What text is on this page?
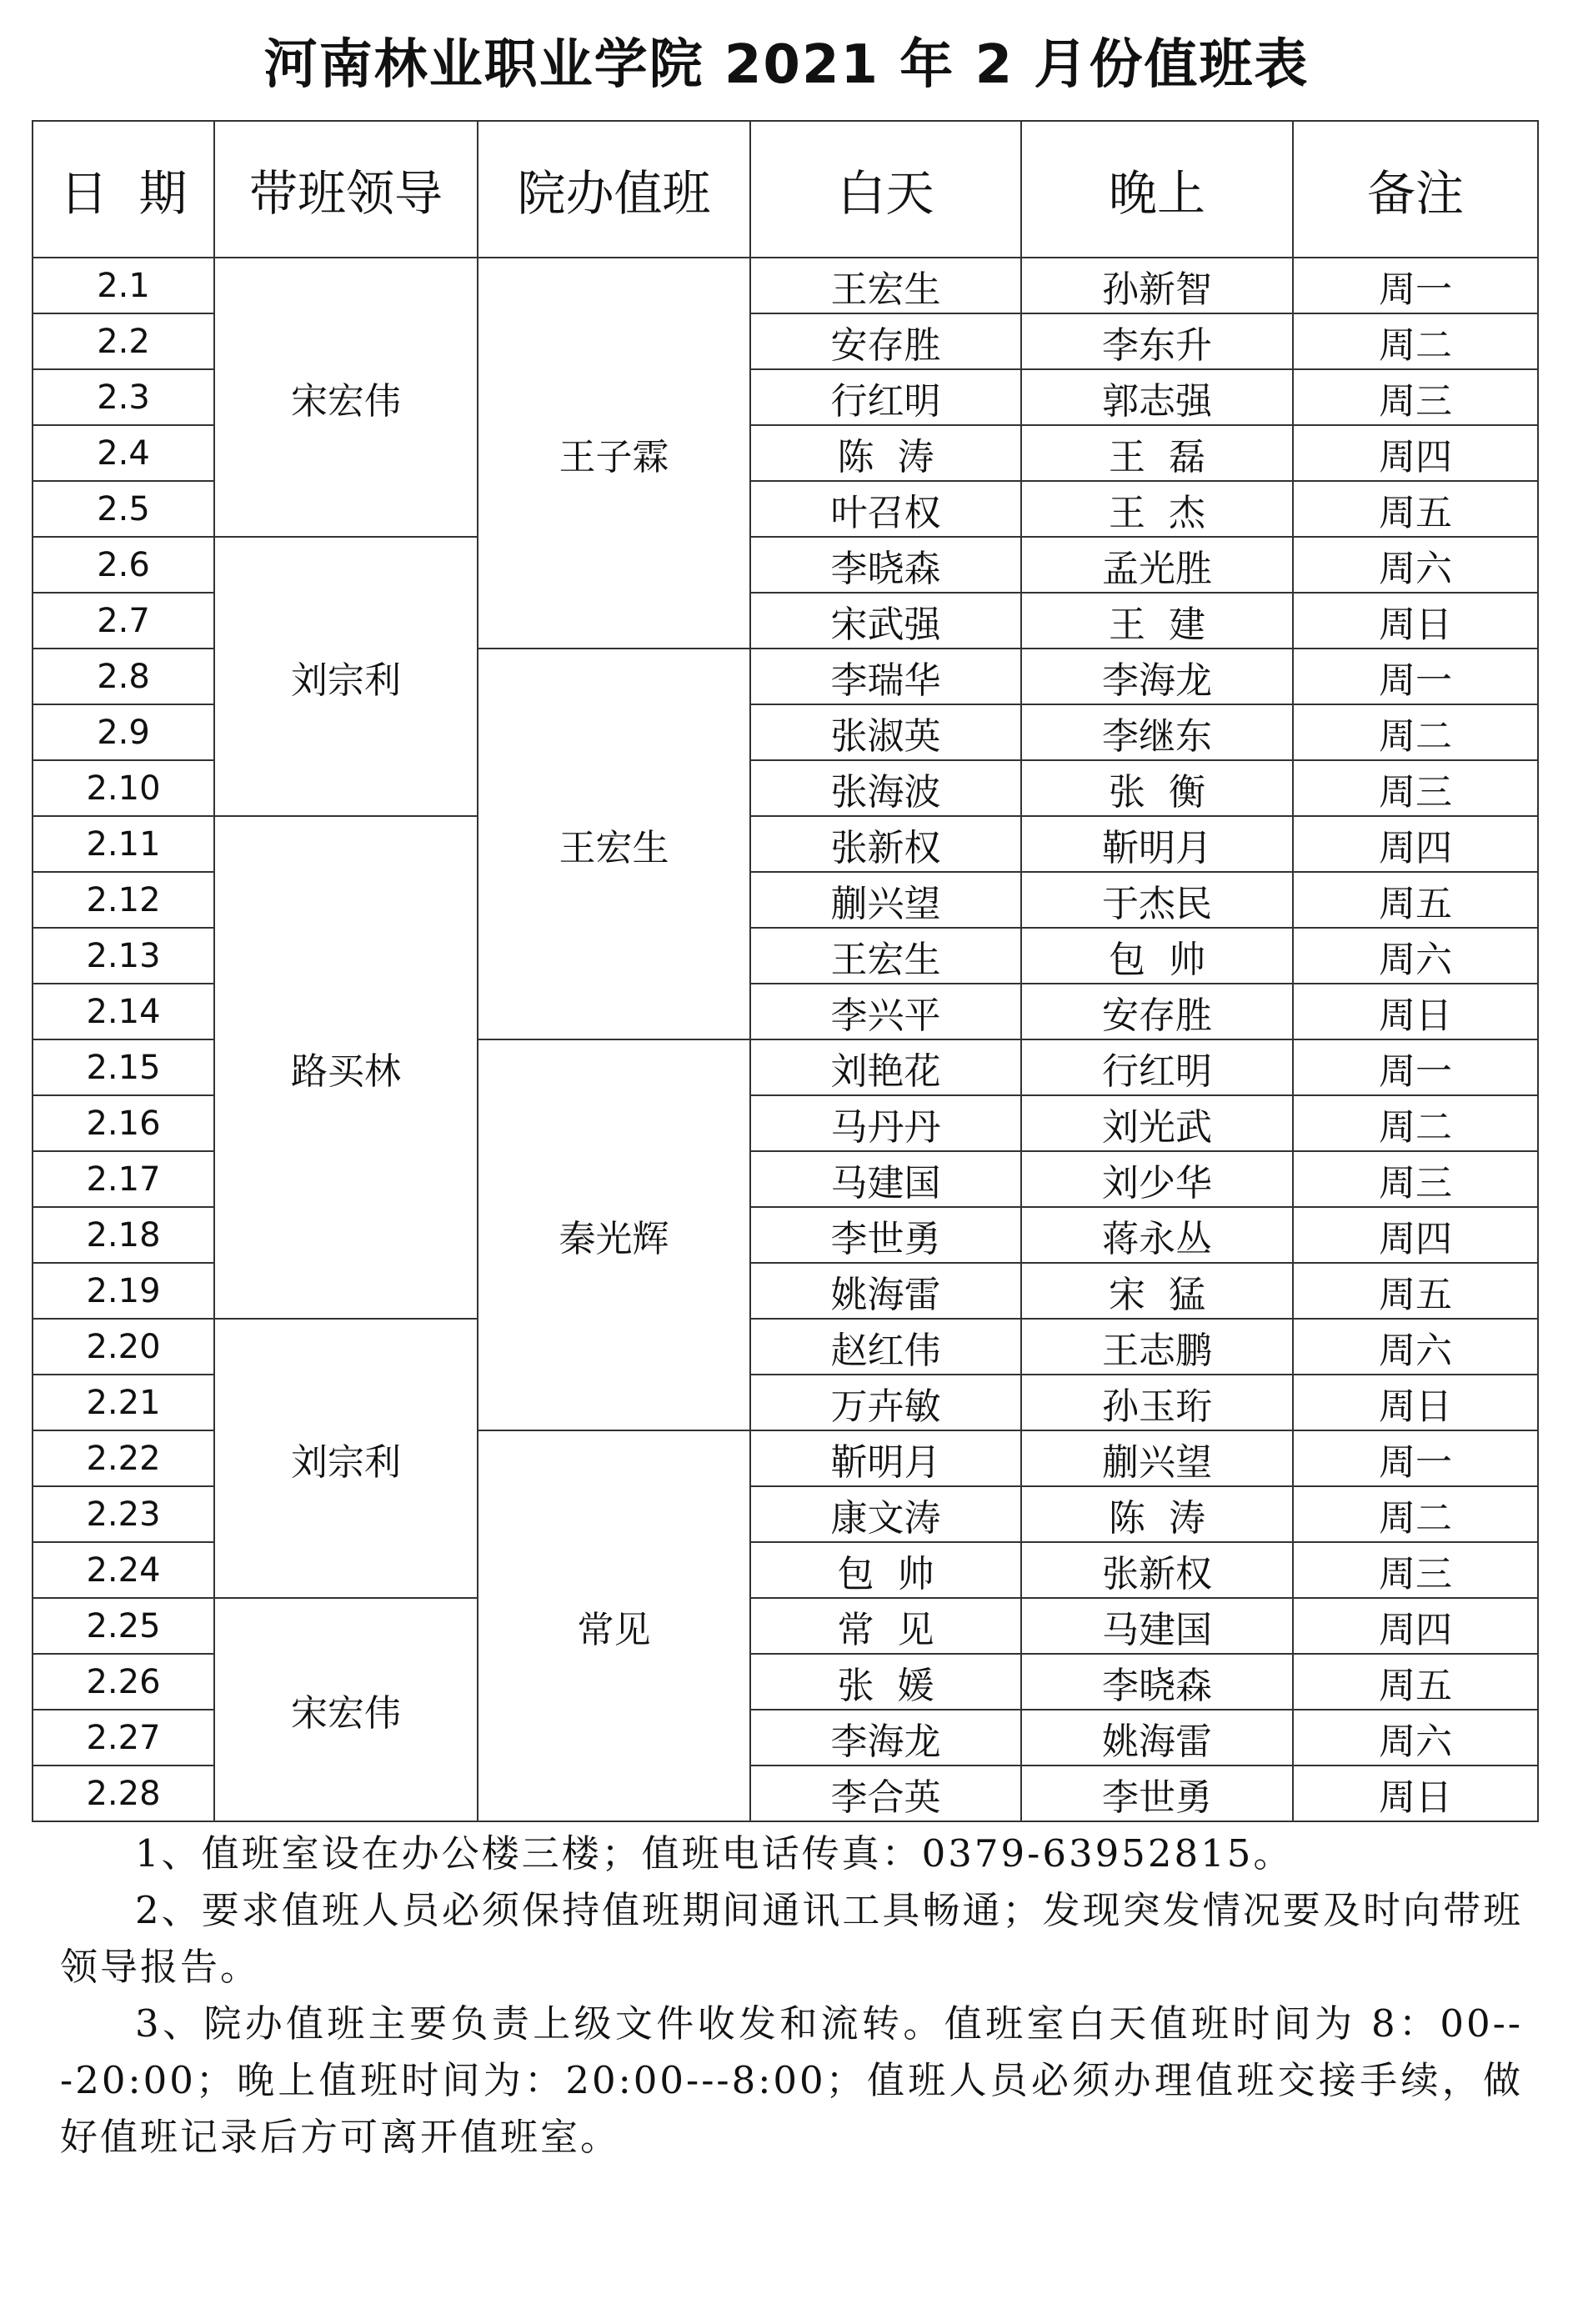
河南林业职业学院 2021 年 2 月份值班表
日  期	带班领导	院办值班	白天	晚上	备注
2.1	宋宏伟	王子霖	王宏生	孙新智	周一
2.2			安存胜	李东升	周二
2.3			行红明	郭志强	周三
2.4			陈  涛	王  磊	周四
2.5			叶召权	王  杰	周五
2.6	刘宗利		李晓森	孟光胜	周六
2.7			宋武强	王  建	周日
2.8		王宏生	李瑞华	李海龙	周一
2.9			张淑英	李继东	周二
2.10			张海波	张  衡	周三
2.11	路买林		张新权	靳明月	周四
2.12			蒯兴望	于杰民	周五
2.13			王宏生	包  帅	周六
2.14			李兴平	安存胜	周日
2.15		秦光辉	刘艳花	行红明	周一
2.16			马丹丹	刘光武	周二
2.17			马建国	刘少华	周三
2.18			李世勇	蒋永丛	周四
2.19			姚海雷	宋  猛	周五
2.20	刘宗利		赵红伟	王志鹏	周六
2.21			万卉敏	孙玉珩	周日
2.22		常见	靳明月	蒯兴望	周一
2.23			康文涛	陈  涛	周二
2.24			包  帅	张新权	周三
2.25	宋宏伟		常  见	马建国	周四
2.26			张  媛	李晓森	周五
2.27			李海龙	姚海雷	周六
2.28			李合英	李世勇	周日

1、值班室设在办公楼三楼；值班电话传真：0379-63952815。

2、要求值班人员必须保持值班期间通讯工具畅通；发现突发情况要及时向带班领导报告。

3、院办值班主要负责上级文件收发和流转。值班室白天值班时间为 8：00---20:00；晚上值班时间为：20:00---8:00；值班人员必须办理值班交接手续，做好值班记录后方可离开值班室。
